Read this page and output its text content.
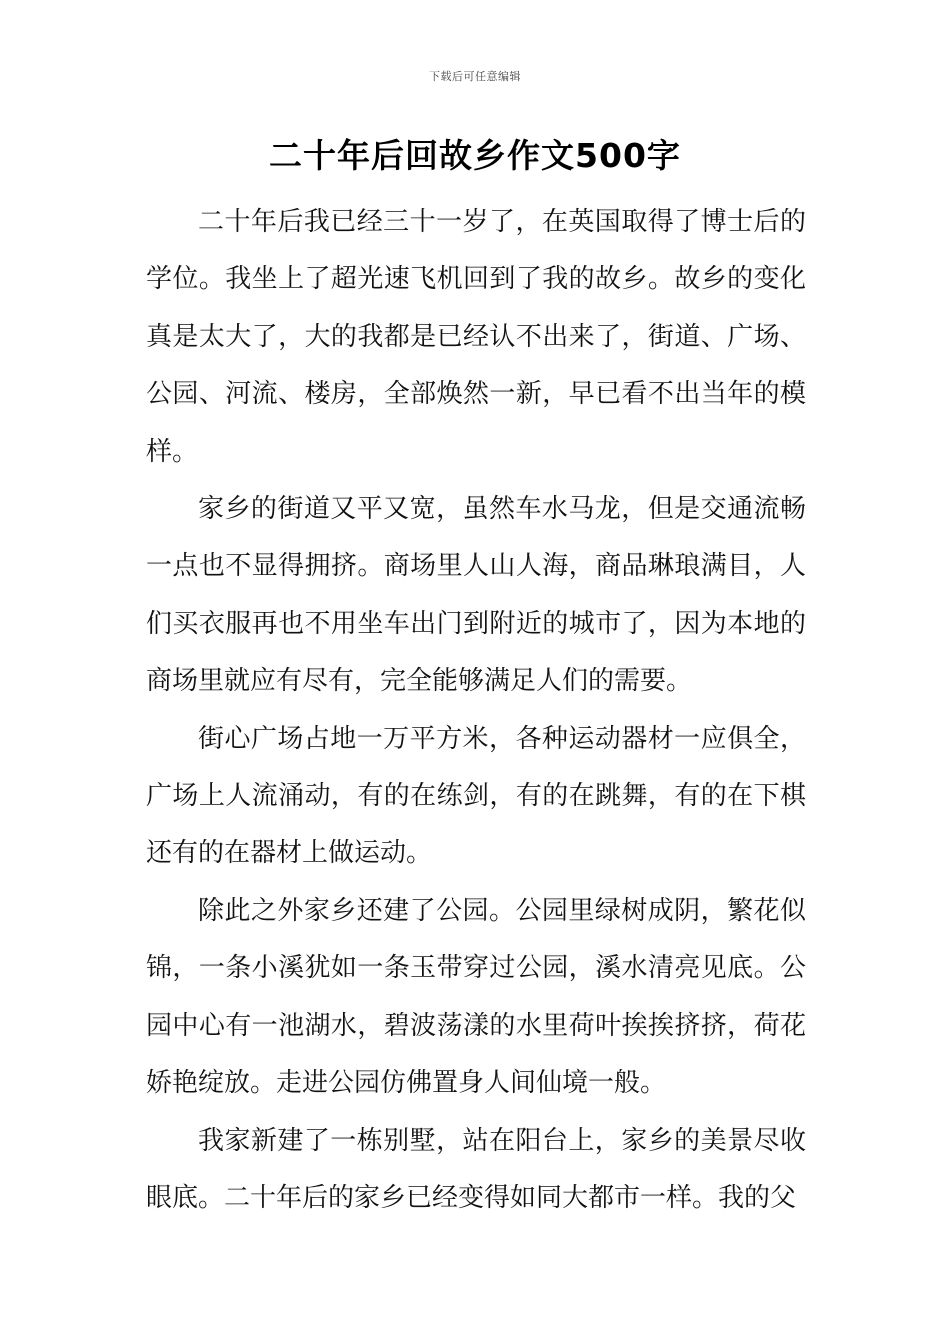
下载后可任意编辑
二十年后回故乡作文500字

二十年后我已经三十一岁了，在英国取得了博士后的学位。我坐上了超光速飞机回到了我的故乡。故乡的变化真是太大了，大的我都是已经认不出来了，街道、广场、公园、河流、楼房，全部焕然一新，早已看不出当年的模样。

家乡的街道又平又宽，虽然车水马龙，但是交通流畅一点也不显得拥挤。商场里人山人海，商品琳琅满目，人们买衣服再也不用坐车出门到附近的城市了，因为本地的商场里就应有尽有，完全能够满足人们的需要。

街心广场占地一万平方米，各种运动器材一应俱全，广场上人流涌动，有的在练剑，有的在跳舞，有的在下棋还有的在器材上做运动。

除此之外家乡还建了公园。公园里绿树成阴，繁花似锦，一条小溪犹如一条玉带穿过公园，溪水清亮见底。公园中心有一池湖水，碧波荡漾的水里荷叶挨挨挤挤，荷花娇艳绽放。走进公园仿佛置身人间仙境一般。

我家新建了一栋别墅，站在阳台上，家乡的美景尽收眼底。二十年后的家乡已经变得如同大都市一样。我的父
